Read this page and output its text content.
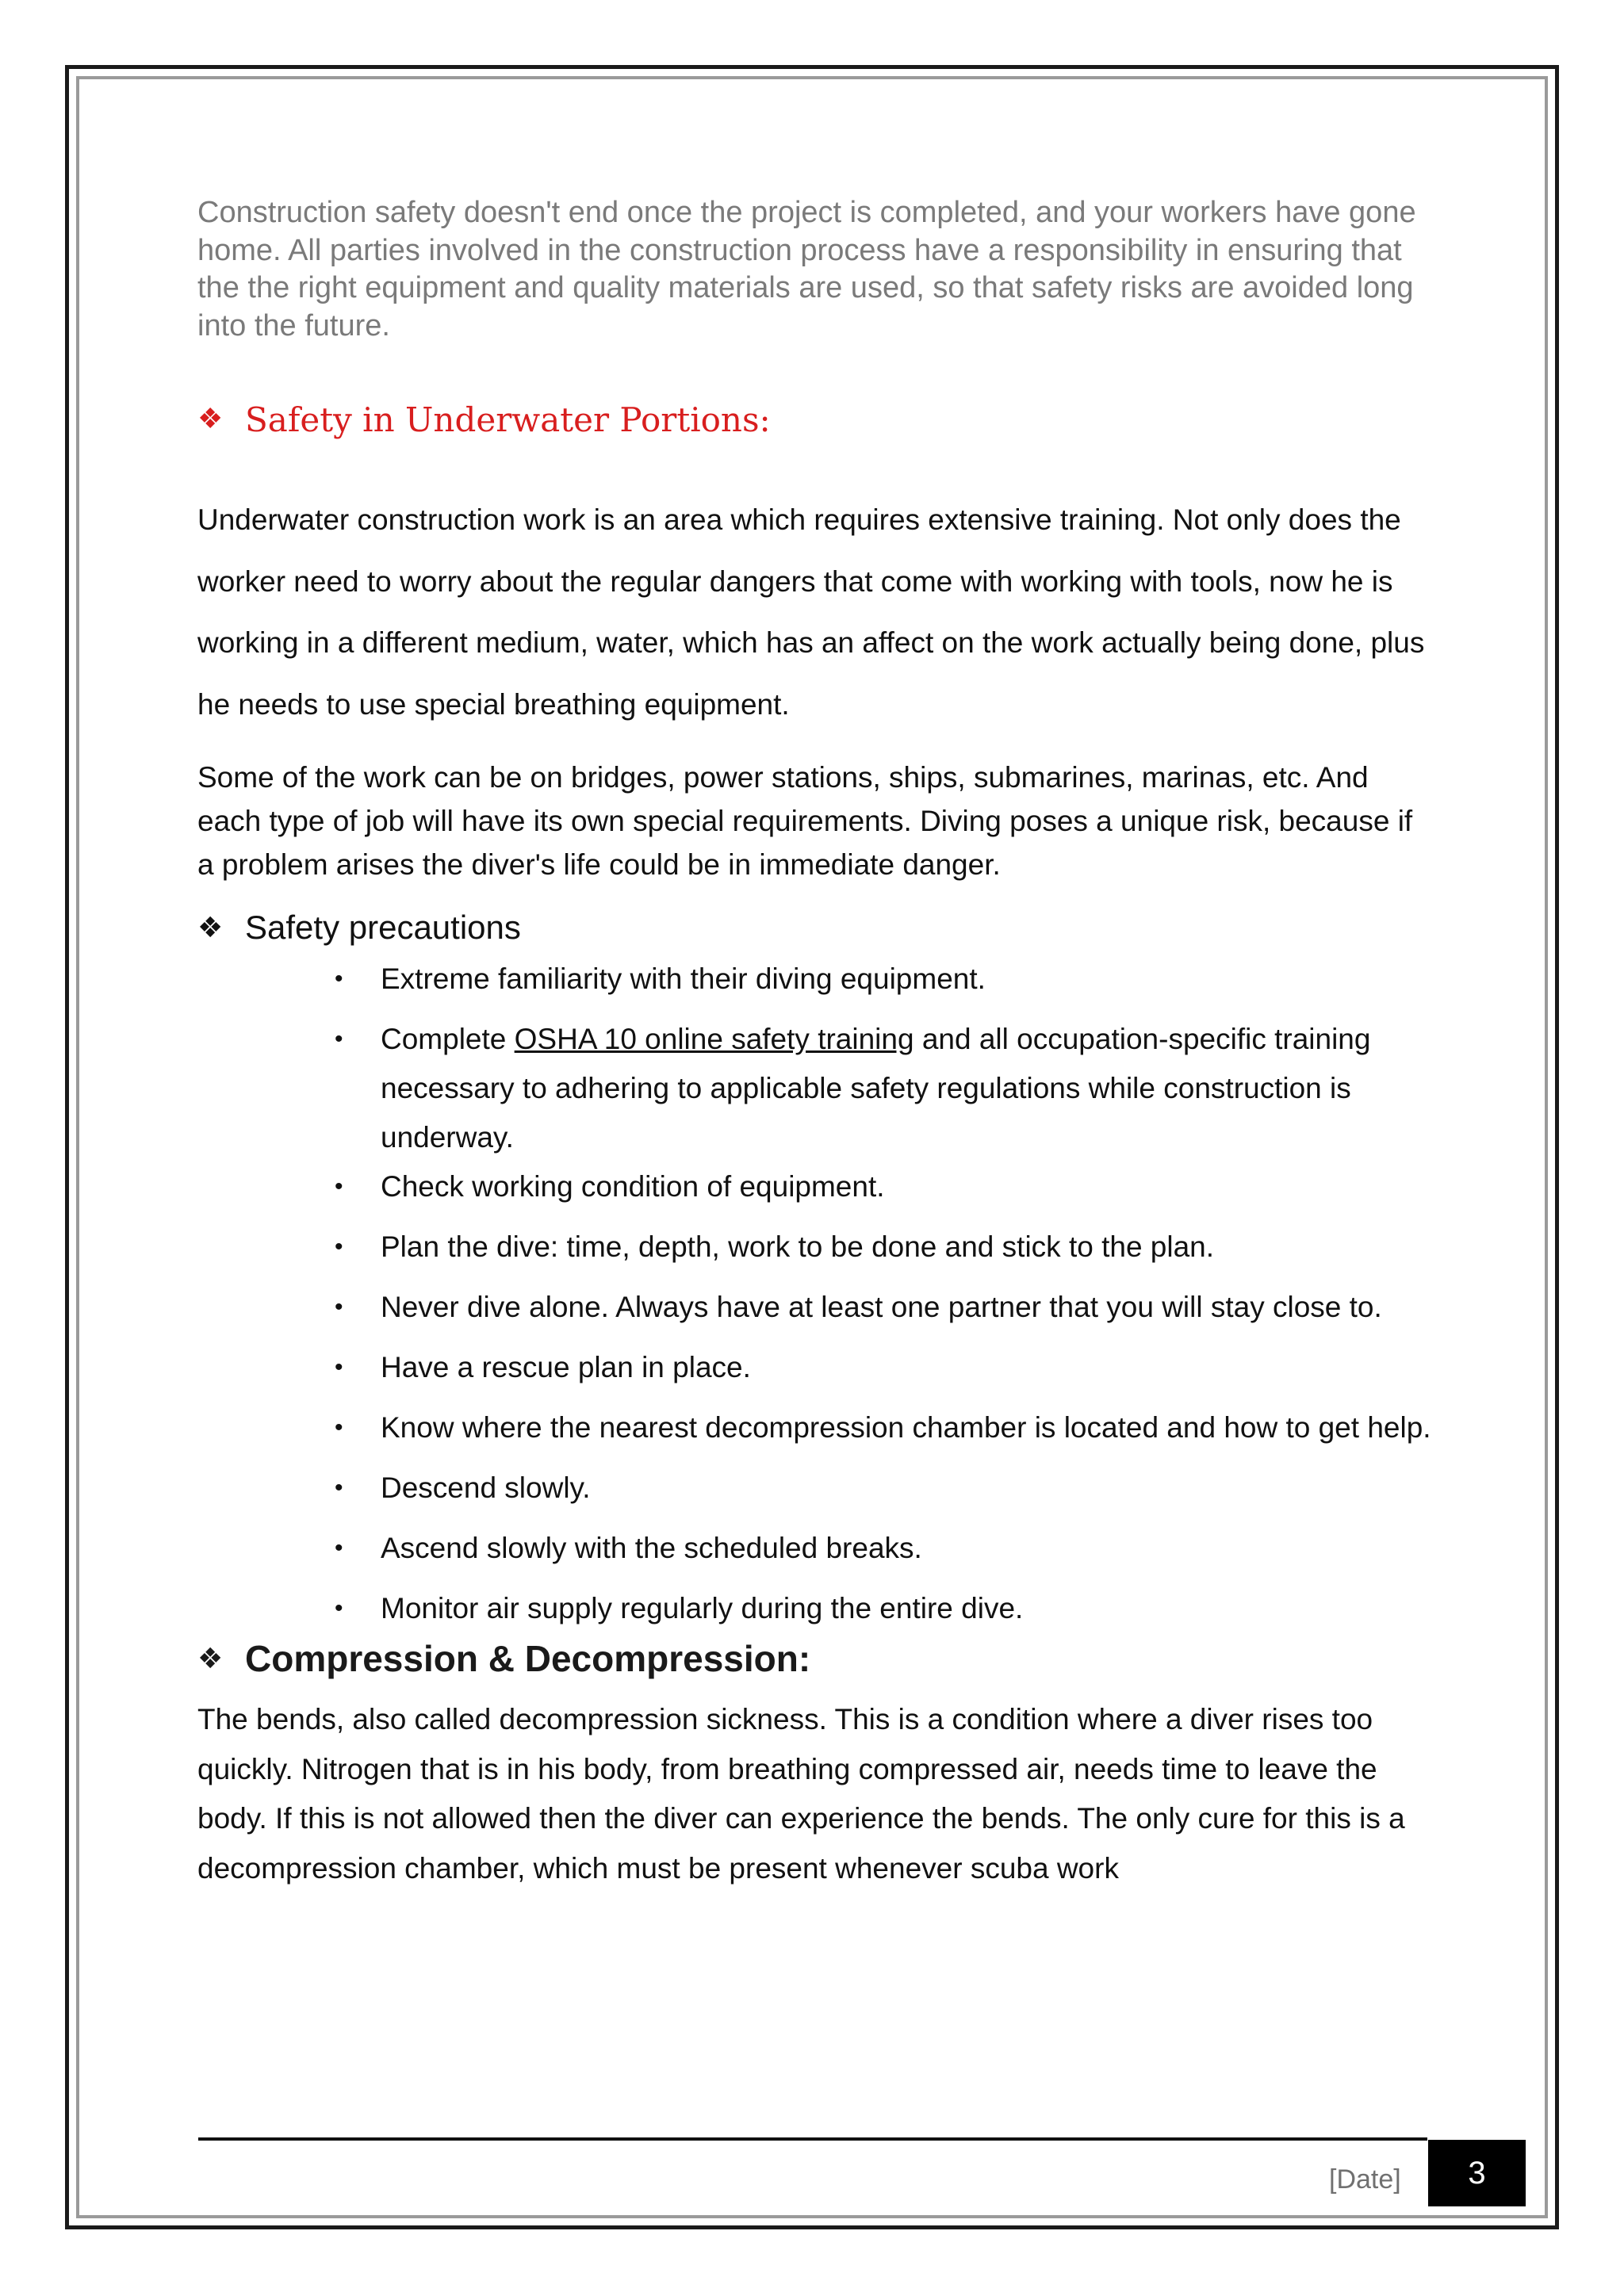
Construction safety doesn't end once the project is completed, and your workers have gone home. All parties involved in the construction process have a responsibility in ensuring that the the right equipment and quality materials are used, so that safety risks are avoided long into the future.

❖ Safety in Underwater Portions:

Underwater construction work is an area which requires extensive training. Not only does the worker need to worry about the regular dangers that come with working with tools, now he is working in a different medium, water, which has an affect on the work actually being done, plus he needs to use special breathing equipment.

Some of the work can be on bridges, power stations, ships, submarines, marinas, etc. And each type of job will have its own special requirements. Diving poses a unique risk, because if a problem arises the diver's life could be in immediate danger.

❖ Safety precautions
• Extreme familiarity with their diving equipment.
• Complete OSHA 10 online safety training and all occupation-specific training necessary to adhering to applicable safety regulations while construction is underway.
• Check working condition of equipment.
• Plan the dive: time, depth, work to be done and stick to the plan.
• Never dive alone. Always have at least one partner that you will stay close to.
• Have a rescue plan in place.
• Know where the nearest decompression chamber is located and how to get help.
• Descend slowly.
• Ascend slowly with the scheduled breaks.
• Monitor air supply regularly during the entire dive.
❖ Compression & Decompression:

The bends, also called decompression sickness. This is a condition where a diver rises too quickly. Nitrogen that is in his body, from breathing compressed air, needs time to leave the body. If this is not allowed then the diver can experience the bends. The only cure for this is a decompression chamber, which must be present whenever scuba work

[Date] 3
